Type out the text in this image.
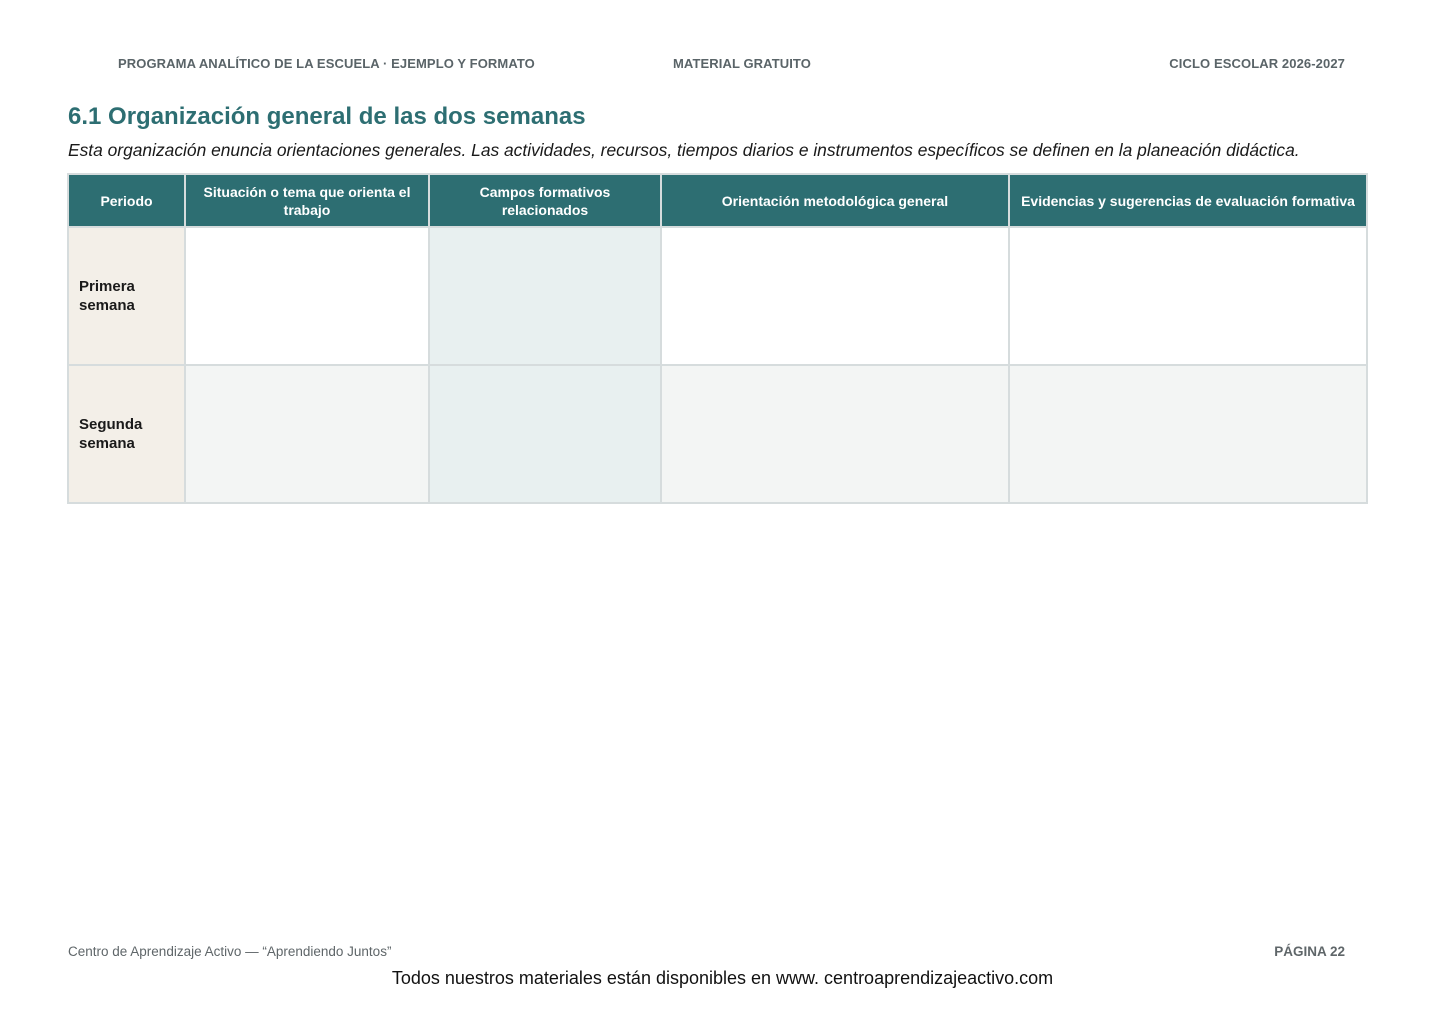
PROGRAMA ANALÍTICO DE LA ESCUELA · EJEMPLO Y FORMATO	MATERIAL GRATUITO	CICLO ESCOLAR 2026-2027
6.1 Organización general de las dos semanas

Esta organización enuncia orientaciones generales. Las actividades, recursos, tiempos diarios e instrumentos específicos se definen en la planeación didáctica.

Periodo	Situación o tema que orienta el trabajo	Campos formativos relacionados	Orientación metodológica general	Evidencias y sugerencias de evaluación formativa
Primera semana				
Segunda semana				
Centro de Aprendizaje Activo — “Aprendiendo Juntos”	PÁGINA 22
Todos nuestros materiales están disponibles en www. centroaprendizajeactivo.com
